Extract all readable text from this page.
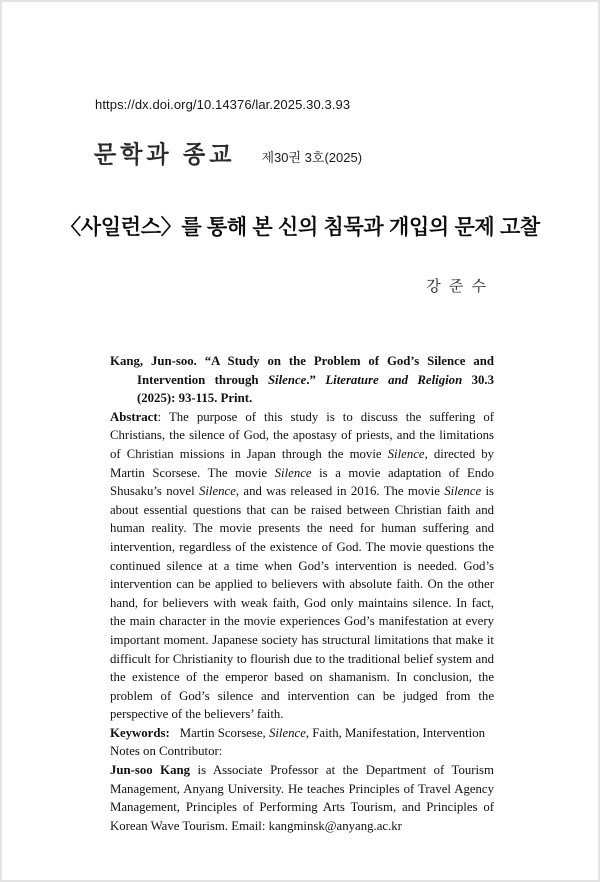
https://dx.doi.org/10.14376/lar.2025.30.3.93
문학과 종교 제30권 3호(2025)
〈사일런스〉를 통해 본 신의 침묵과 개입의 문제 고찰
강 준 수

Kang, Jun-soo. “A Study on the Problem of God’s Silence and Intervention through Silence.” Literature and Religion 30.3 (2025): 93-115. Print.

Abstract: The purpose of this study is to discuss the suffering of Christians, the silence of God, the apostasy of priests, and the limitations of Christian missions in Japan through the movie Silence, directed by Martin Scorsese. The movie Silence is a movie adaptation of Endo Shusaku’s novel Silence, and was released in 2016. The movie Silence is about essential questions that can be raised between Christian faith and human reality. The movie presents the need for human suffering and intervention, regardless of the existence of God. The movie questions the continued silence at a time when God’s intervention is needed. God’s intervention can be applied to believers with absolute faith. On the other hand, for believers with weak faith, God only maintains silence. In fact, the main character in the movie experiences God’s manifestation at every important moment. Japanese society has structural limitations that make it difficult for Christianity to flourish due to the traditional belief system and the existence of the emperor based on shamanism. In conclusion, the problem of God’s silence and intervention can be judged from the perspective of the believers’ faith.

Keywords: Martin Scorsese, Silence, Faith, Manifestation, Intervention

Notes on Contributor:

Jun-soo Kang is Associate Professor at the Department of Tourism Management, Anyang University. He teaches Principles of Travel Agency Management, Principles of Performing Arts Tourism, and Principles of Korean Wave Tourism. Email: kangminsk@anyang.ac.kr
